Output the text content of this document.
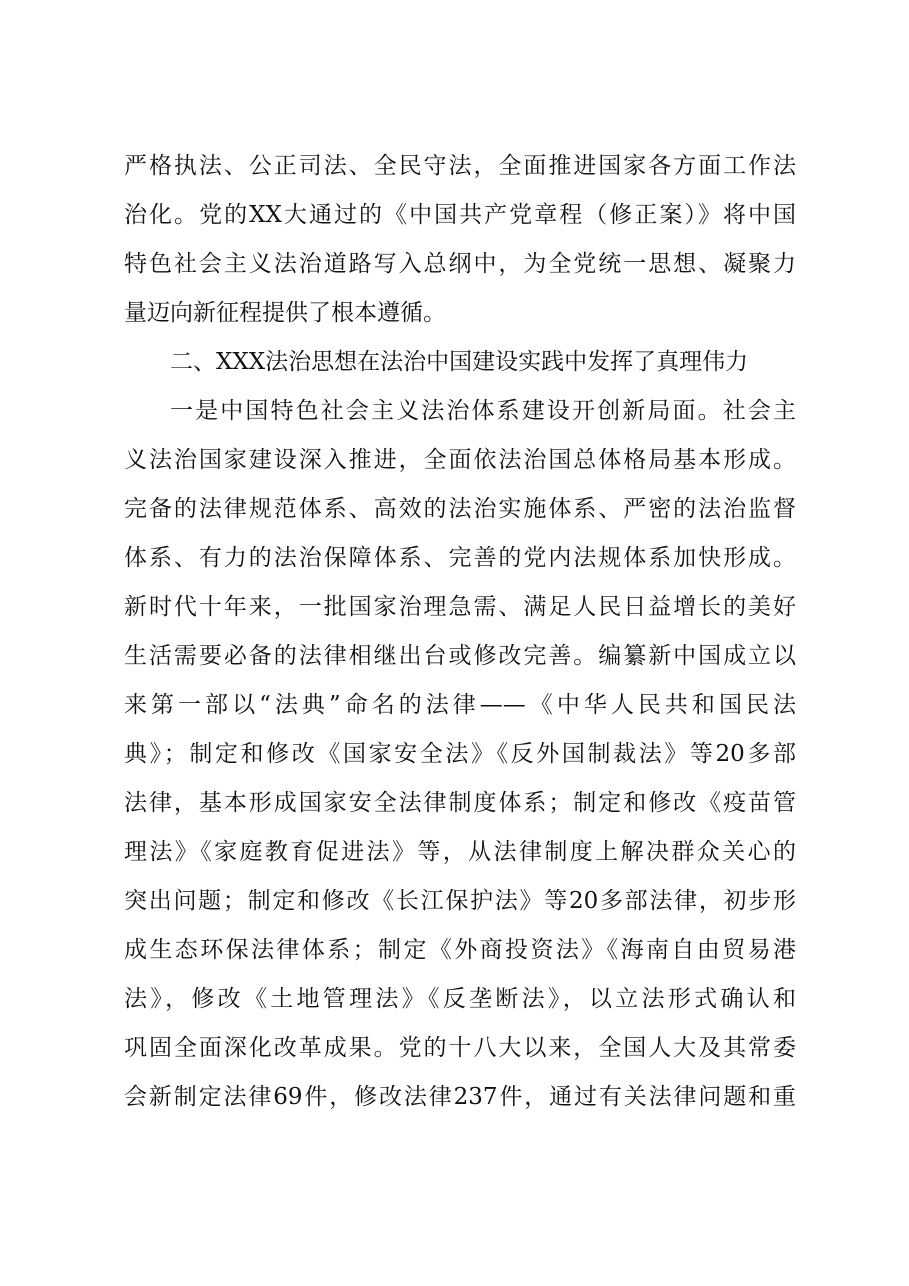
严格执法、公正司法、全民守法，全面推进国家各方面工作法
治化。党的XX大通过的《中国共产党章程（修正案）》将中国
特色社会主义法治道路写入总纲中，为全党统一思想、凝聚力
量迈向新征程提供了根本遵循。
二、XXX法治思想在法治中国建设实践中发挥了真理伟力
一是中国特色社会主义法治体系建设开创新局面。社会主
义法治国家建设深入推进，全面依法治国总体格局基本形成。
完备的法律规范体系、高效的法治实施体系、严密的法治监督
体系、有力的法治保障体系、完善的党内法规体系加快形成。
新时代十年来，一批国家治理急需、满足人民日益增长的美好
生活需要必备的法律相继出台或修改完善。编纂新中国成立以
来第一部以“法典”命名的法律——《中华人民共和国民法
典》；制定和修改《国家安全法》《反外国制裁法》等20多部
法律，基本形成国家安全法律制度体系；制定和修改《疫苗管
理法》《家庭教育促进法》等，从法律制度上解决群众关心的
突出问题；制定和修改《长江保护法》等20多部法律，初步形
成生态环保法律体系；制定《外商投资法》《海南自由贸易港
法》，修改《土地管理法》《反垄断法》，以立法形式确认和
巩固全面深化改革成果。党的十八大以来，全国人大及其常委
会新制定法律69件，修改法律237件，通过有关法律问题和重
